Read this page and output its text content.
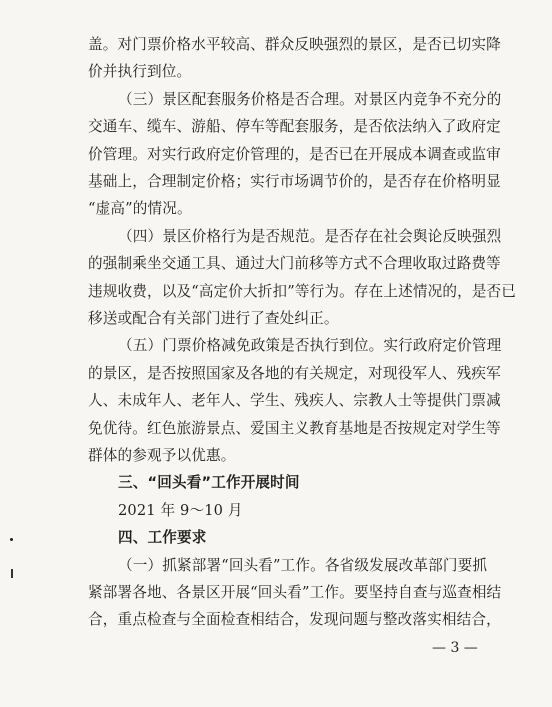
盖。对门票价格水平较高、群众反映强烈的景区，是否已切实降
价并执行到位。
（三）景区配套服务价格是否合理。对景区内竞争不充分的
交通车、缆车、游船、停车等配套服务，是否依法纳入了政府定
价管理。对实行政府定价管理的，是否已在开展成本调查或监审
基础上，合理制定价格；实行市场调节价的，是否存在价格明显
“虚高”的情况。
（四）景区价格行为是否规范。是否存在社会舆论反映强烈
的强制乘坐交通工具、通过大门前移等方式不合理收取过路费等
违规收费，以及“高定价大折扣”等行为。存在上述情况的，是否已
移送或配合有关部门进行了查处纠正。
（五）门票价格减免政策是否执行到位。实行政府定价管理
的景区，是否按照国家及各地的有关规定，对现役军人、残疾军
人、未成年人、老年人、学生、残疾人、宗教人士等提供门票减
免优待。红色旅游景点、爱国主义教育基地是否按规定对学生等
群体的参观予以优惠。
三、“回头看”工作开展时间
2021 年 9～10 月
四、工作要求
（一）抓紧部署“回头看”工作。各省级发展改革部门要抓
紧部署各地、各景区开展“回头看”工作。要坚持自查与巡查相结
合，重点检查与全面检查相结合，发现问题与整改落实相结合，
— 3 —
